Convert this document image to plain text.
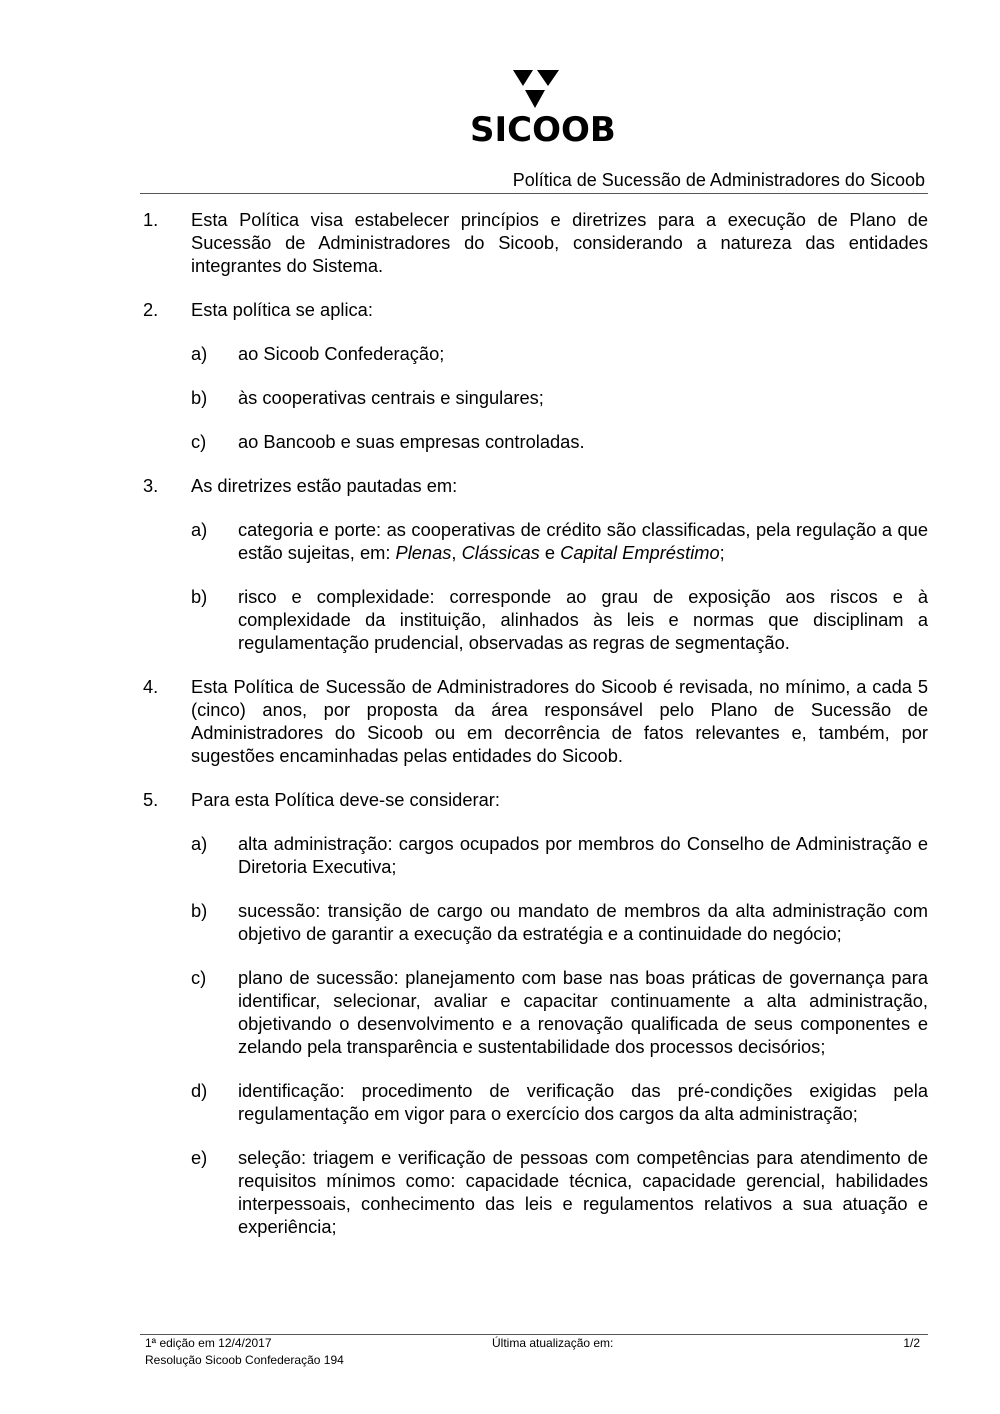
SICOOB
Política de Sucessão de Administradores do Sicoob
1.	Esta Política visa estabelecer princípios e diretrizes para a execução de Plano de Sucessão de Administradores do Sicoob, considerando a natureza das entidades integrantes do Sistema.
2.	Esta política se aplica:
a)	ao Sicoob Confederação;
b)	às cooperativas centrais e singulares;
c)	ao Bancoob e suas empresas controladas.
3.	As diretrizes estão pautadas em:
a)	categoria e porte: as cooperativas de crédito são classificadas, pela regulação a que estão sujeitas, em: Plenas, Clássicas e Capital Empréstimo;
b)	risco e complexidade: corresponde ao grau de exposição aos riscos e à complexidade da instituição, alinhados às leis e normas que disciplinam a regulamentação prudencial, observadas as regras de segmentação.
4.	Esta Política de Sucessão de Administradores do Sicoob é revisada, no mínimo, a cada 5 (cinco) anos, por proposta da área responsável pelo Plano de Sucessão de Administradores do Sicoob ou em decorrência de fatos relevantes e, também, por sugestões encaminhadas pelas entidades do Sicoob.
5.	Para esta Política deve-se considerar:
a)	alta administração: cargos ocupados por membros do Conselho de Administração e Diretoria Executiva;
b)	sucessão: transição de cargo ou mandato de membros da alta administração com objetivo de garantir a execução da estratégia e a continuidade do negócio;
c)	plano de sucessão: planejamento com base nas boas práticas de governança para identificar, selecionar, avaliar e capacitar continuamente a alta administração, objetivando o desenvolvimento e a renovação qualificada de seus componentes e zelando pela transparência e sustentabilidade dos processos decisórios;
d)	identificação: procedimento de verificação das pré-condições exigidas pela regulamentação em vigor para o exercício dos cargos da alta administração;
e)	seleção: triagem e verificação de pessoas com competências para atendimento de requisitos mínimos como: capacidade técnica, capacidade gerencial, habilidades interpessoais, conhecimento das leis e regulamentos relativos a sua atuação e experiência;
1ª edição em 12/4/2017
Resolução Sicoob Confederação 194
Última atualização em:	1/2
